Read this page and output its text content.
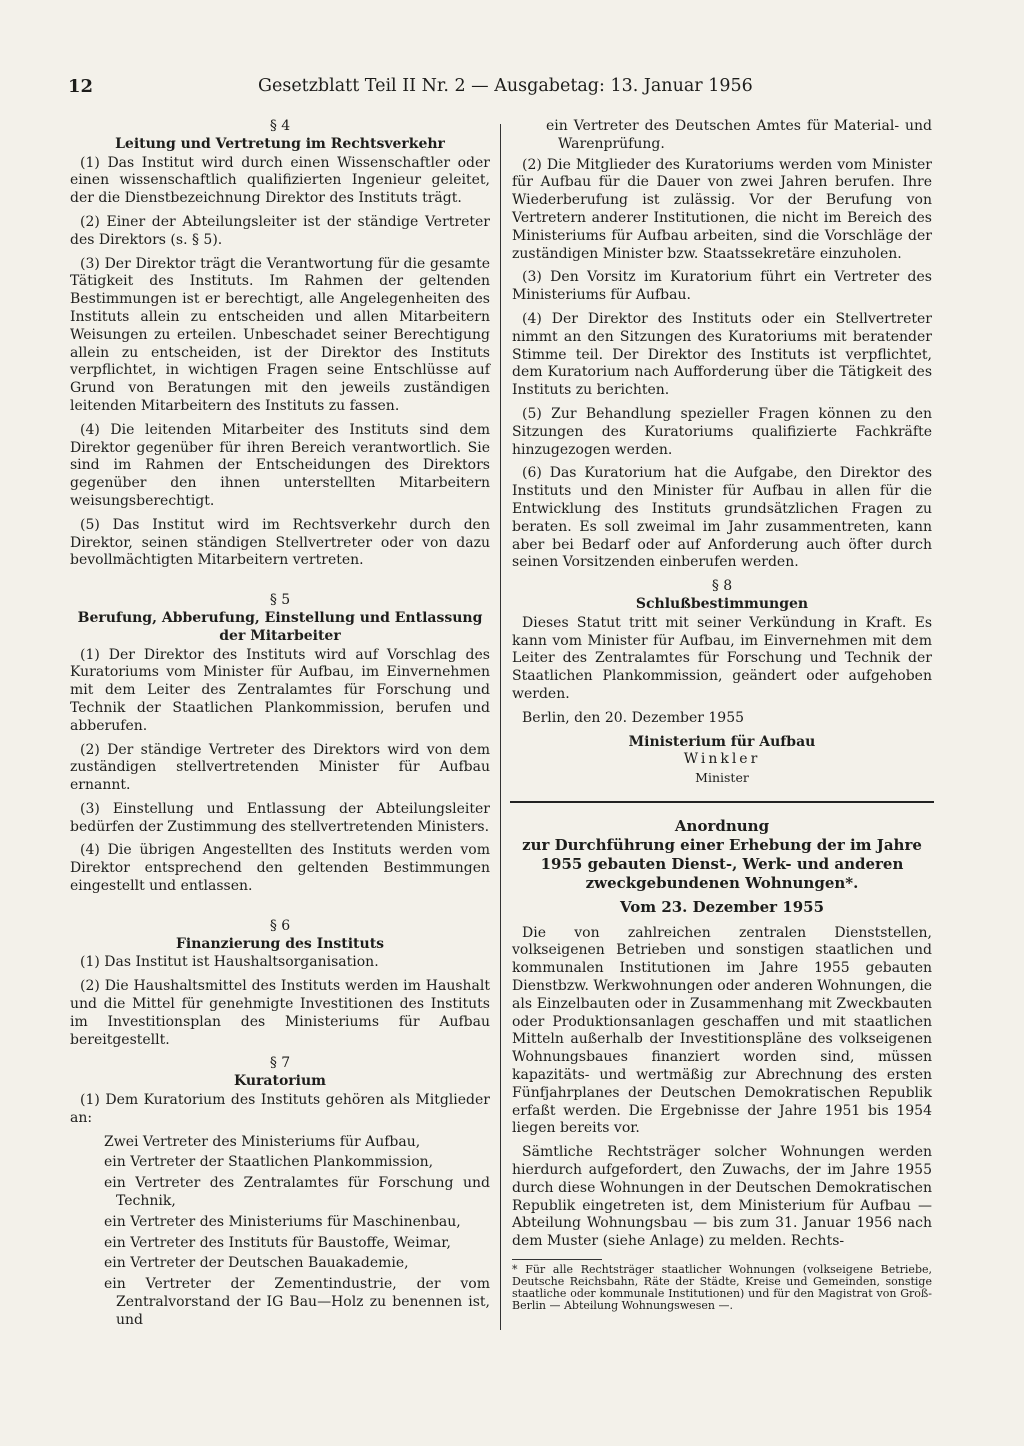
12	Gesetzblatt Teil II Nr. 2 — Ausgabetag: 13. Januar 1956

§ 4

Leitung und Vertretung im Rechtsverkehr

(1) Das Institut wird durch einen Wissenschaftler oder einen wissenschaftlich qualifizierten Ingenieur geleitet, der die Dienstbezeichnung Direktor des Instituts trägt.

(2) Einer der Abteilungsleiter ist der ständige Vertreter des Direktors (s. § 5).

(3) Der Direktor trägt die Verantwortung für die gesamte Tätigkeit des Instituts. Im Rahmen der geltenden Bestimmungen ist er berechtigt, alle Angelegenheiten des Instituts allein zu entscheiden und allen Mitarbeitern Weisungen zu erteilen. Unbeschadet seiner Berechtigung allein zu entscheiden, ist der Direktor des Instituts verpflichtet, in wichtigen Fragen seine Entschlüsse auf Grund von Beratungen mit den jeweils zuständigen leitenden Mitarbeitern des Instituts zu fassen.

(4) Die leitenden Mitarbeiter des Instituts sind dem Direktor gegenüber für ihren Bereich verantwortlich. Sie sind im Rahmen der Entscheidungen des Direktors gegenüber den ihnen unterstellten Mitarbeitern weisungsberechtigt.

(5) Das Institut wird im Rechtsverkehr durch den Direktor, seinen ständigen Stellvertreter oder von dazu bevollmächtigten Mitarbeitern vertreten.

§ 5

Berufung, Abberufung, Einstellung und Entlassung der Mitarbeiter

(1) Der Direktor des Instituts wird auf Vorschlag des Kuratoriums vom Minister für Aufbau, im Einvernehmen mit dem Leiter des Zentralamtes für Forschung und Technik der Staatlichen Plankommission, berufen und abberufen.

(2) Der ständige Vertreter des Direktors wird von dem zuständigen stellvertretenden Minister für Aufbau ernannt.

(3) Einstellung und Entlassung der Abteilungsleiter bedürfen der Zustimmung des stellvertretenden Ministers.

(4) Die übrigen Angestellten des Instituts werden vom Direktor entsprechend den geltenden Bestimmungen eingestellt und entlassen.

§ 6

Finanzierung des Instituts

(1) Das Institut ist Haushaltsorganisation.

(2) Die Haushaltsmittel des Instituts werden im Haushalt und die Mittel für genehmigte Investitionen des Instituts im Investitionsplan des Ministeriums für Aufbau bereitgestellt.

§ 7

Kuratorium

(1) Dem Kuratorium des Instituts gehören als Mitglieder an:

Zwei Vertreter des Ministeriums für Aufbau,

ein Vertreter der Staatlichen Plankommission,

ein Vertreter des Zentralamtes für Forschung und Technik,

ein Vertreter des Ministeriums für Maschinenbau,

ein Vertreter des Instituts für Baustoffe, Weimar,

ein Vertreter der Deutschen Bauakademie,

ein Vertreter der Zementindustrie, der vom Zentralvorstand der IG Bau—Holz zu benennen ist, und

ein Vertreter des Deutschen Amtes für Material- und Warenprüfung.

(2) Die Mitglieder des Kuratoriums werden vom Minister für Aufbau für die Dauer von zwei Jahren berufen. Ihre Wiederberufung ist zulässig. Vor der Berufung von Vertretern anderer Institutionen, die nicht im Bereich des Ministeriums für Aufbau arbeiten, sind die Vorschläge der zuständigen Minister bzw. Staatssekretäre einzuholen.

(3) Den Vorsitz im Kuratorium führt ein Vertreter des Ministeriums für Aufbau.

(4) Der Direktor des Instituts oder ein Stellvertreter nimmt an den Sitzungen des Kuratoriums mit beratender Stimme teil. Der Direktor des Instituts ist verpflichtet, dem Kuratorium nach Aufforderung über die Tätigkeit des Instituts zu berichten.

(5) Zur Behandlung spezieller Fragen können zu den Sitzungen des Kuratoriums qualifizierte Fachkräfte hinzugezogen werden.

(6) Das Kuratorium hat die Aufgabe, den Direktor des Instituts und den Minister für Aufbau in allen für die Entwicklung des Instituts grundsätzlichen Fragen zu beraten. Es soll zweimal im Jahr zusammentreten, kann aber bei Bedarf oder auf Anforderung auch öfter durch seinen Vorsitzenden einberufen werden.

§ 8

Schlußbestimmungen

Dieses Statut tritt mit seiner Verkündung in Kraft. Es kann vom Minister für Aufbau, im Einvernehmen mit dem Leiter des Zentralamtes für Forschung und Technik der Staatlichen Plankommission, geändert oder aufgehoben werden.

Berlin, den 20. Dezember 1955

Ministerium für Aufbau

Winkler

Minister

Anordnung

zur Durchführung einer Erhebung der im Jahre 1955 gebauten Dienst-, Werk- und anderen zweckgebundenen Wohnungen*.

Vom 23. Dezember 1955

Die von zahlreichen zentralen Dienststellen, volkseigenen Betrieben und sonstigen staatlichen und kommunalen Institutionen im Jahre 1955 gebauten Dienstbzw. Werkwohnungen oder anderen Wohnungen, die als Einzelbauten oder in Zusammenhang mit Zweckbauten oder Produktionsanlagen geschaffen und mit staatlichen Mitteln außerhalb der Investitionspläne des volkseigenen Wohnungsbaues finanziert worden sind, müssen kapazitäts- und wertmäßig zur Abrechnung des ersten Fünfjahrplanes der Deutschen Demokratischen Republik erfaßt werden. Die Ergebnisse der Jahre 1951 bis 1954 liegen bereits vor.

Sämtliche Rechtsträger solcher Wohnungen werden hierdurch aufgefordert, den Zuwachs, der im Jahre 1955 durch diese Wohnungen in der Deutschen Demokratischen Republik eingetreten ist, dem Ministerium für Aufbau — Abteilung Wohnungsbau — bis zum 31. Januar 1956 nach dem Muster (siehe Anlage) zu melden. Rechts-

* Für alle Rechtsträger staatlicher Wohnungen (volkseigene Betriebe, Deutsche Reichsbahn, Räte der Städte, Kreise und Gemeinden, sonstige staatliche oder kommunale Institutionen) und für den Magistrat von Groß-Berlin — Abteilung Wohnungswesen —.
